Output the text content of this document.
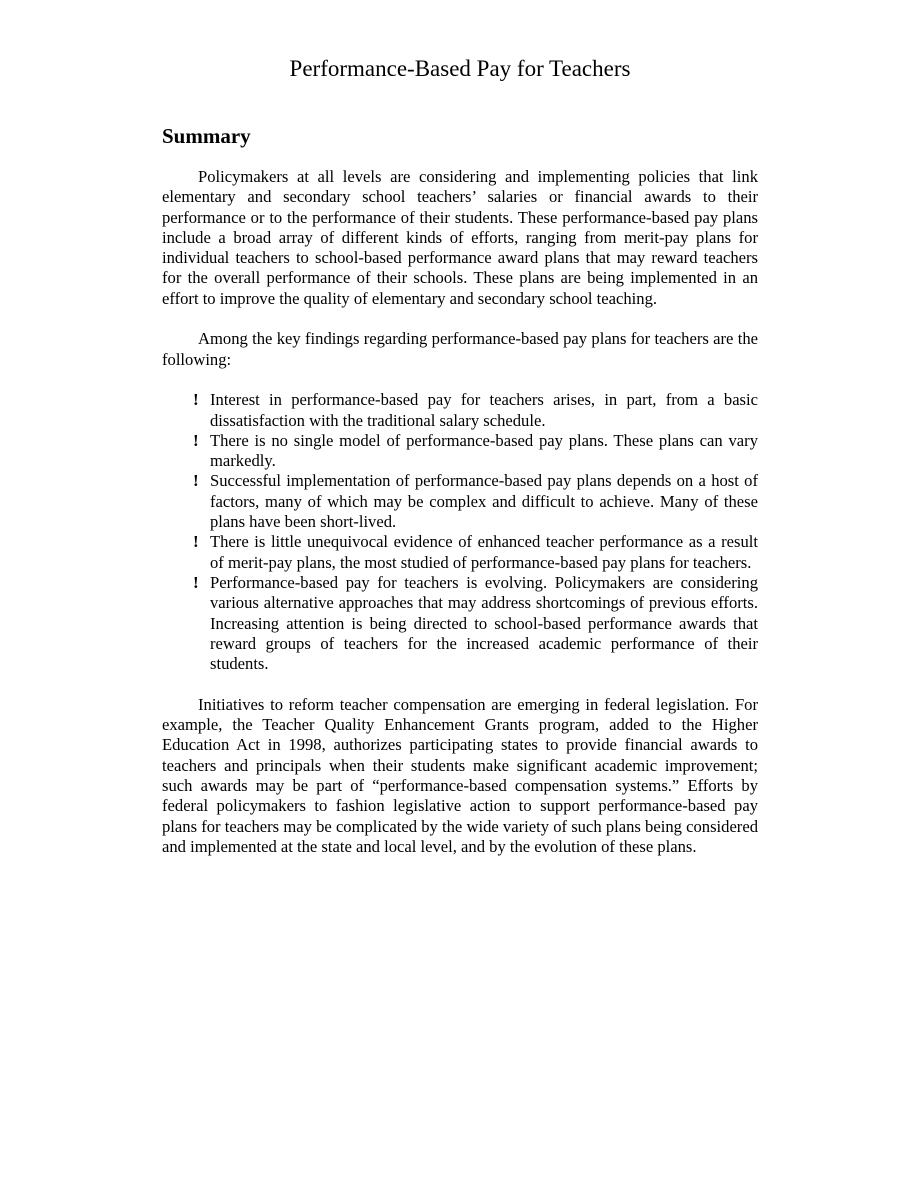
Performance-Based Pay for Teachers
Summary

Policymakers at all levels are considering and implementing policies that link elementary and secondary school teachers’ salaries or financial awards to their performance or to the performance of their students. These performance-based pay plans include a broad array of different kinds of efforts, ranging from merit-pay plans for individual teachers to school-based performance award plans that may reward teachers for the overall performance of their schools. These plans are being implemented in an effort to improve the quality of elementary and secondary school teaching.

Among the key findings regarding performance-based pay plans for teachers are the following:

! Interest in performance-based pay for teachers arises, in part, from a basic dissatisfaction with the traditional salary schedule.
! There is no single model of performance-based pay plans. These plans can vary markedly.
! Successful implementation of performance-based pay plans depends on a host of factors, many of which may be complex and difficult to achieve. Many of these plans have been short-lived.
! There is little unequivocal evidence of enhanced teacher performance as a result of merit-pay plans, the most studied of performance-based pay plans for teachers.
! Performance-based pay for teachers is evolving. Policymakers are considering various alternative approaches that may address shortcomings of previous efforts. Increasing attention is being directed to school-based performance awards that reward groups of teachers for the increased academic performance of their students.

Initiatives to reform teacher compensation are emerging in federal legislation. For example, the Teacher Quality Enhancement Grants program, added to the Higher Education Act in 1998, authorizes participating states to provide financial awards to teachers and principals when their students make significant academic improvement; such awards may be part of “performance-based compensation systems.” Efforts by federal policymakers to fashion legislative action to support performance-based pay plans for teachers may be complicated by the wide variety of such plans being considered and implemented at the state and local level, and by the evolution of these plans.
